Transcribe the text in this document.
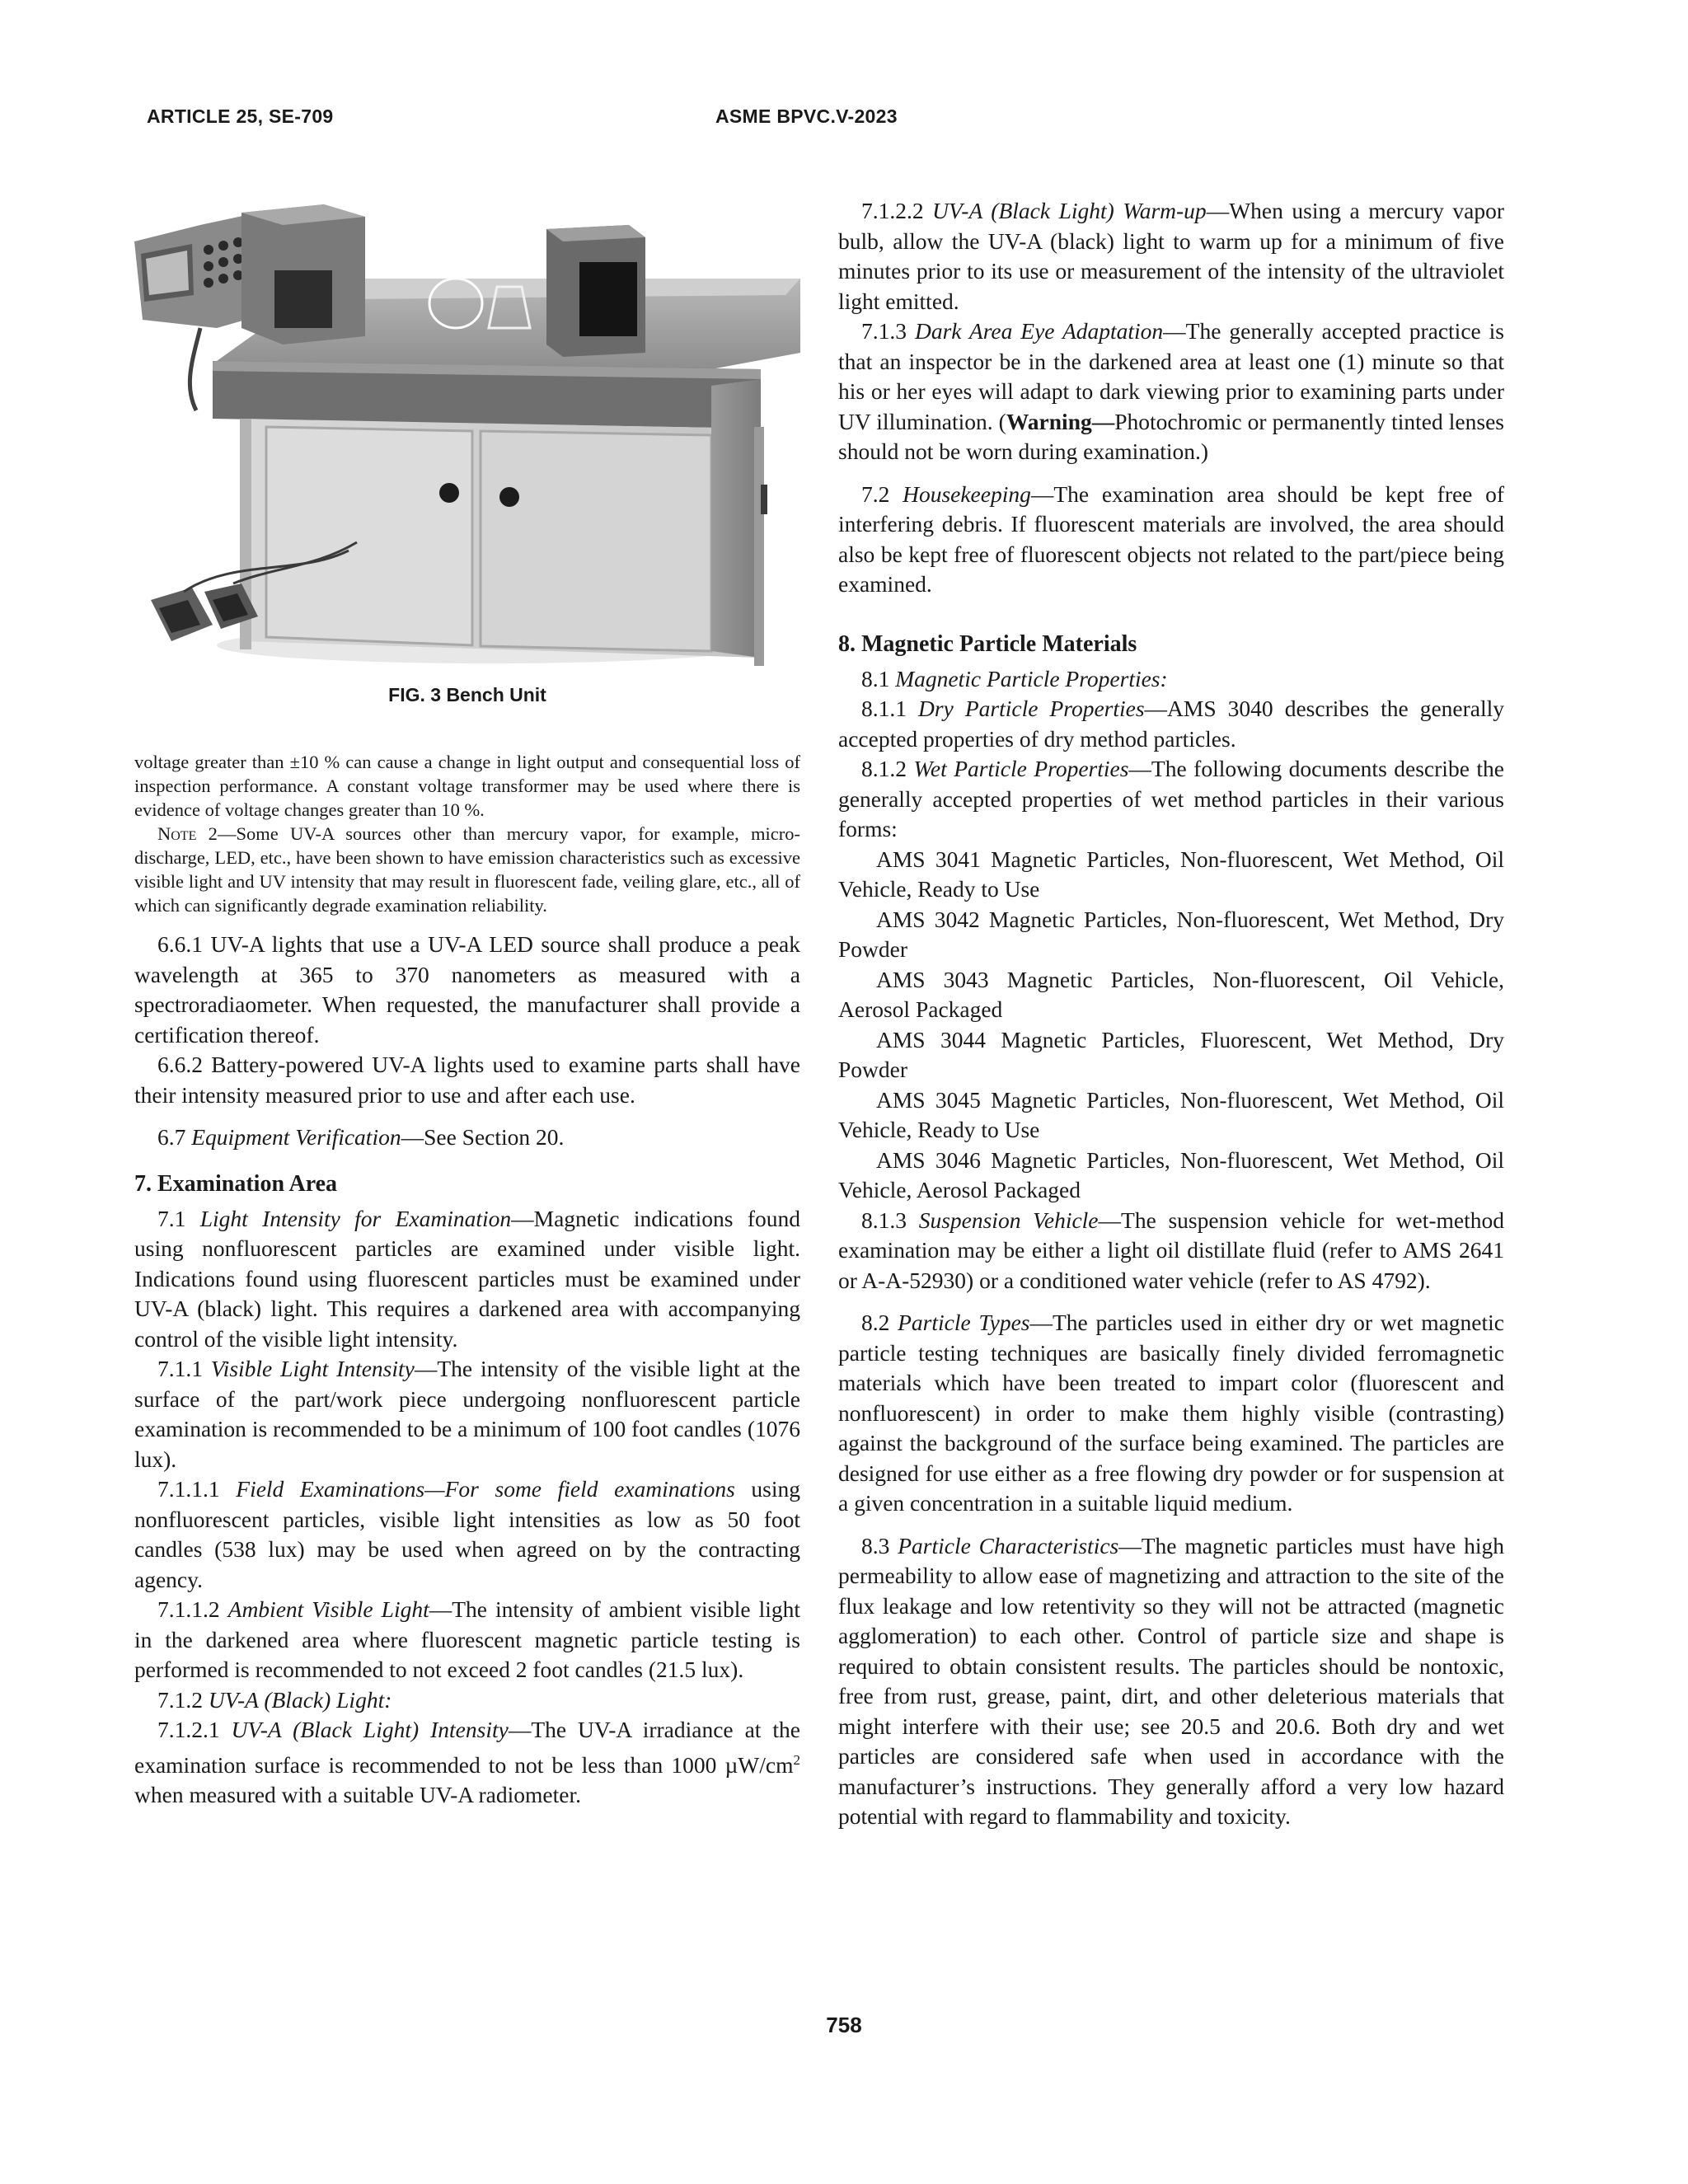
ARTICLE 25, SE-709	ASME BPVC.V-2023
FIG. 3 Bench Unit

voltage greater than ±10 % can cause a change in light output and consequential loss of inspection performance. A constant voltage transformer may be used where there is evidence of voltage changes greater than 10 %.

Note 2—Some UV-A sources other than mercury vapor, for example, micro-discharge, LED, etc., have been shown to have emission characteristics such as excessive visible light and UV intensity that may result in fluorescent fade, veiling glare, etc., all of which can significantly degrade examination reliability.

6.6.1 UV-A lights that use a UV-A LED source shall produce a peak wavelength at 365 to 370 nanometers as measured with a spectroradiaometer. When requested, the manufacturer shall provide a certification thereof.

6.6.2 Battery-powered UV-A lights used to examine parts shall have their intensity measured prior to use and after each use.

6.7 Equipment Verification—See Section 20.

7. Examination Area

7.1 Light Intensity for Examination—Magnetic indications found using nonfluorescent particles are examined under visible light. Indications found using fluorescent particles must be examined under UV-A (black) light. This requires a darkened area with accompanying control of the visible light intensity.

7.1.1 Visible Light Intensity—The intensity of the visible light at the surface of the part/work piece undergoing nonfluorescent particle examination is recommended to be a minimum of 100 foot candles (1076 lux).

7.1.1.1 Field Examinations—For some field examinations using nonfluorescent particles, visible light intensities as low as 50 foot candles (538 lux) may be used when agreed on by the contracting agency.

7.1.1.2 Ambient Visible Light—The intensity of ambient visible light in the darkened area where fluorescent magnetic particle testing is performed is recommended to not exceed 2 foot candles (21.5 lux).

7.1.2 UV-A (Black) Light:

7.1.2.1 UV-A (Black Light) Intensity—The UV-A irradiance at the examination surface is recommended to not be less than 1000 $\mu W/cm^2$ when measured with a suitable UV-A radiometer.

7.1.2.2 UV-A (Black Light) Warm-up—When using a mercury vapor bulb, allow the UV-A (black) light to warm up for a minimum of five minutes prior to its use or measurement of the intensity of the ultraviolet light emitted.

7.1.3 Dark Area Eye Adaptation—The generally accepted practice is that an inspector be in the darkened area at least one (1) minute so that his or her eyes will adapt to dark viewing prior to examining parts under UV illumination. (Warning—Photochromic or permanently tinted lenses should not be worn during examination.)

7.2 Housekeeping—The examination area should be kept free of interfering debris. If fluorescent materials are involved, the area should also be kept free of fluorescent objects not related to the part/piece being examined.

8. Magnetic Particle Materials

8.1 Magnetic Particle Properties:

8.1.1 Dry Particle Properties—AMS 3040 describes the generally accepted properties of dry method particles.

8.1.2 Wet Particle Properties—The following documents describe the generally accepted properties of wet method particles in their various forms:

AMS 3041 Magnetic Particles, Non-fluorescent, Wet Method, Oil Vehicle, Ready to Use

AMS 3042 Magnetic Particles, Non-fluorescent, Wet Method, Dry Powder

AMS 3043 Magnetic Particles, Non-fluorescent, Oil Vehicle, Aerosol Packaged

AMS 3044 Magnetic Particles, Fluorescent, Wet Method, Dry Powder

AMS 3045 Magnetic Particles, Non-fluorescent, Wet Method, Oil Vehicle, Ready to Use

AMS 3046 Magnetic Particles, Non-fluorescent, Wet Method, Oil Vehicle, Aerosol Packaged

8.1.3 Suspension Vehicle—The suspension vehicle for wet-method examination may be either a light oil distillate fluid (refer to AMS 2641 or A-A-52930) or a conditioned water vehicle (refer to AS 4792).

8.2 Particle Types—The particles used in either dry or wet magnetic particle testing techniques are basically finely divided ferromagnetic materials which have been treated to impart color (fluorescent and nonfluorescent) in order to make them highly visible (contrasting) against the background of the surface being examined. The particles are designed for use either as a free flowing dry powder or for suspension at a given concentration in a suitable liquid medium.

8.3 Particle Characteristics—The magnetic particles must have high permeability to allow ease of magnetizing and attraction to the site of the flux leakage and low retentivity so they will not be attracted (magnetic agglomeration) to each other. Control of particle size and shape is required to obtain consistent results. The particles should be nontoxic, free from rust, grease, paint, dirt, and other deleterious materials that might interfere with their use; see 20.5 and 20.6. Both dry and wet particles are considered safe when used in accordance with the manufacturer’s instructions. They generally afford a very low hazard potential with regard to flammability and toxicity.

758
